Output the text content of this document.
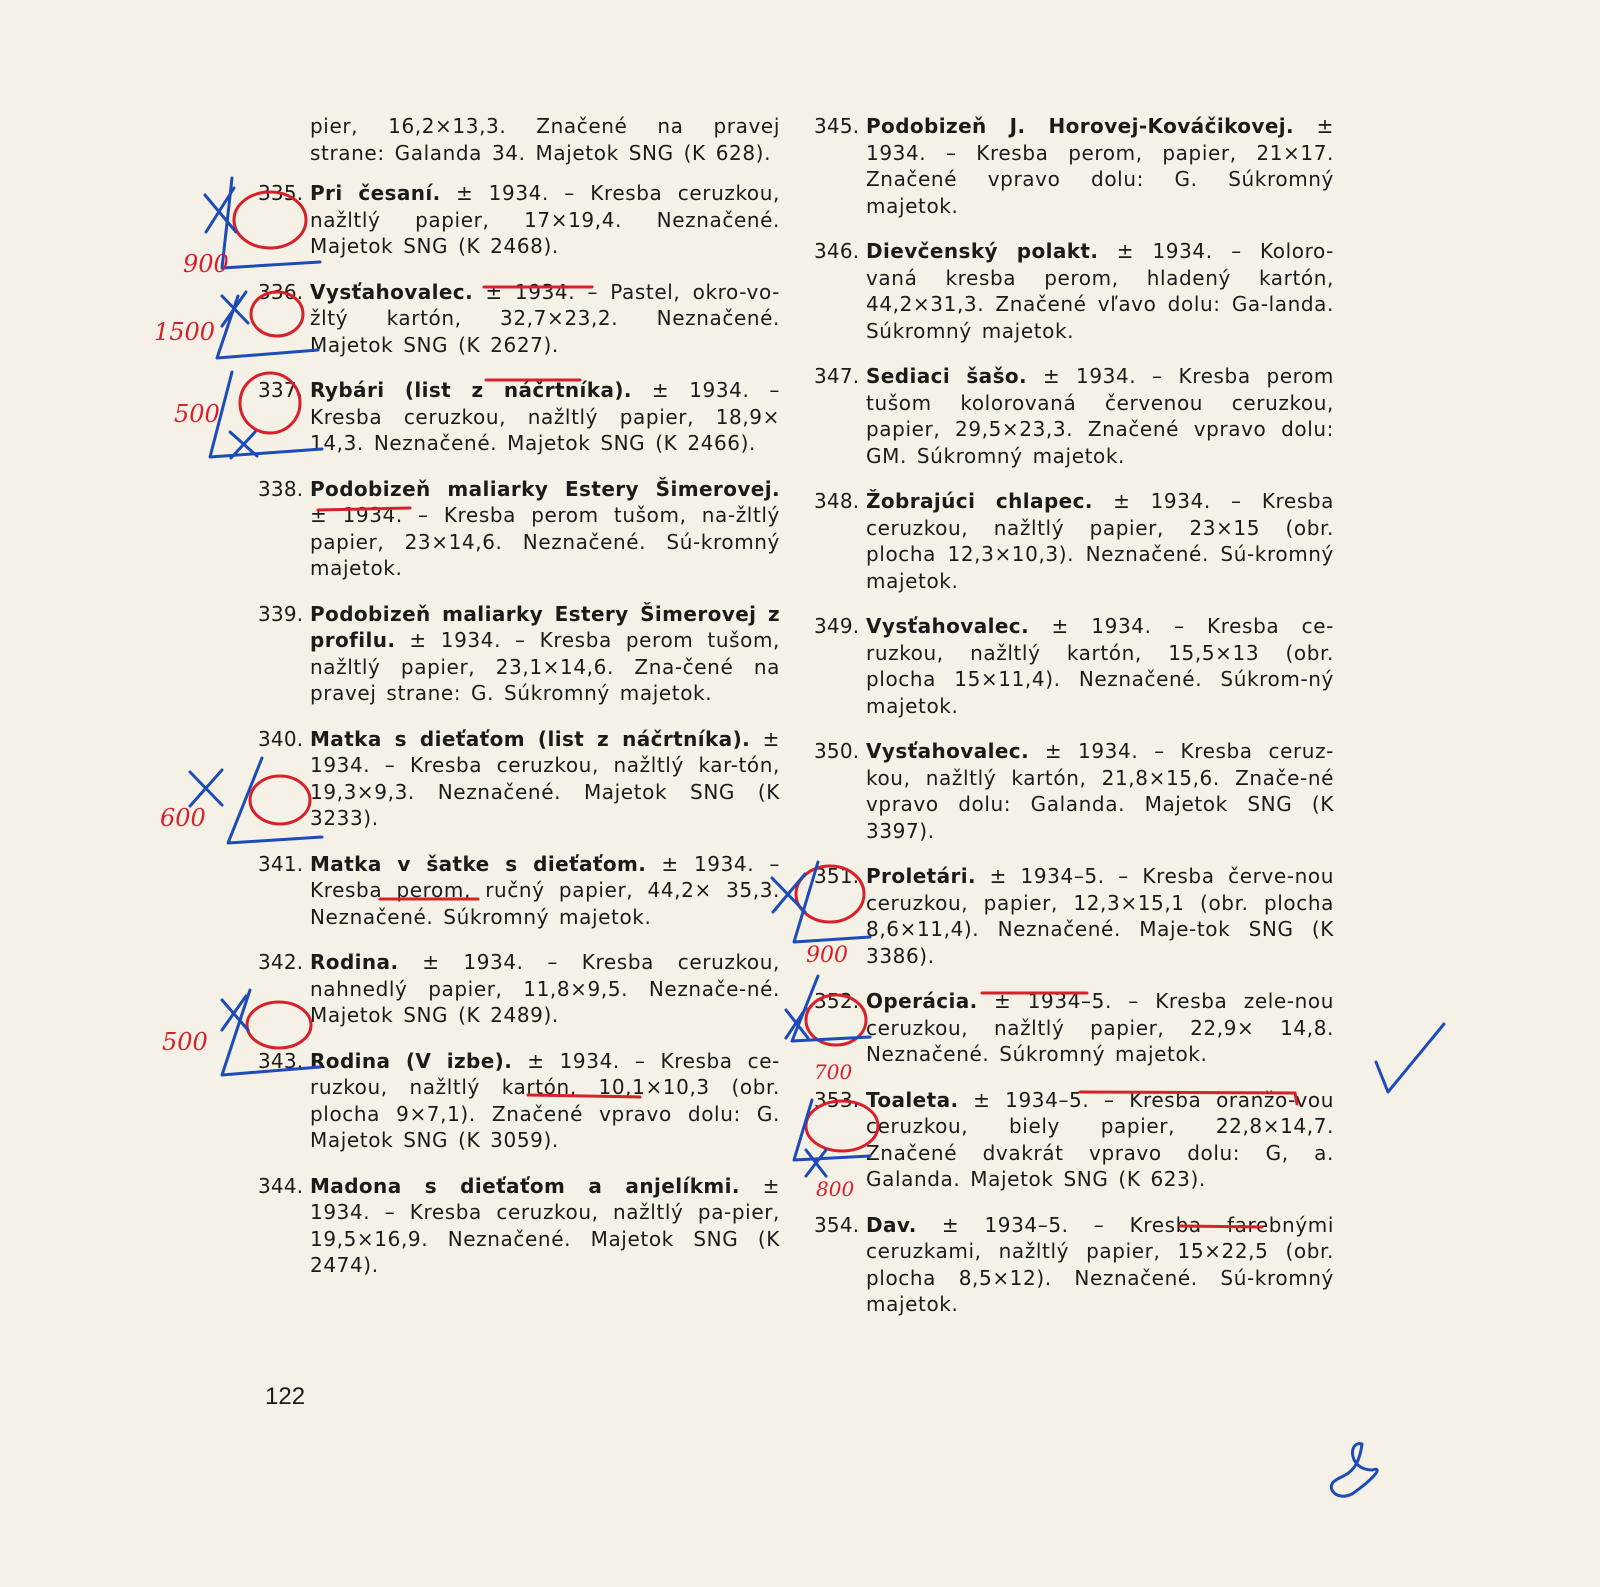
pier, 16,2×13,3. Značené na pravej strane: Galanda 34. Majetok SNG (K 628).
335. Pri česaní. ± 1934. – Kresba ceruzkou, nažltlý papier, 17×19,4. Neznačené. Majetok SNG (K 2468).
336. Vysťahovalec. ± 1934. – Pastel, okro-vo-žltý kartón, 32,7×23,2. Neznačené. Majetok SNG (K 2627).
337. Rybári (list z náčrtníka). ± 1934. – Kresba ceruzkou, nažltlý papier, 18,9× 14,3. Neznačené. Majetok SNG (K 2466).
338. Podobizeň maliarky Estery Šimerovej. ± 1934. – Kresba perom tušom, na-žltlý papier, 23×14,6. Neznačené. Sú-kromný majetok.
339. Podobizeň maliarky Estery Šimerovej z profilu. ± 1934. – Kresba perom tušom, nažltlý papier, 23,1×14,6. Zna-čené na pravej strane: G. Súkromný majetok.
340. Matka s dieťaťom (list z náčrtníka). ± 1934. – Kresba ceruzkou, nažltlý kar-tón, 19,3×9,3. Neznačené. Majetok SNG (K 3233).
341. Matka v šatke s dieťaťom. ± 1934. – Kresba perom, ručný papier, 44,2× 35,3. Neznačené. Súkromný majetok.
342. Rodina. ± 1934. – Kresba ceruzkou, nahnedlý papier, 11,8×9,5. Neznače-né. Majetok SNG (K 2489).
343. Rodina (V izbe). ± 1934. – Kresba ce-ruzkou, nažltlý kartón, 10,1×10,3 (obr. plocha 9×7,1). Značené vpravo dolu: G. Majetok SNG (K 3059).
344. Madona s dieťaťom a anjelíkmi. ± 1934. – Kresba ceruzkou, nažltlý pa-pier, 19,5×16,9. Neznačené. Majetok SNG (K 2474).
345. Podobizeň J. Horovej-Kováčikovej. ± 1934. – Kresba perom, papier, 21×17. Značené vpravo dolu: G. Súkromný majetok.
346. Dievčenský polakt. ± 1934. – Koloro-vaná kresba perom, hladený kartón, 44,2×31,3. Značené vľavo dolu: Ga-landa. Súkromný majetok.
347. Sediaci šašo. ± 1934. – Kresba perom tušom kolorovaná červenou ceruzkou, papier, 29,5×23,3. Značené vpravo dolu: GM. Súkromný majetok.
348. Žobrajúci chlapec. ± 1934. – Kresba ceruzkou, nažltlý papier, 23×15 (obr. plocha 12,3×10,3). Neznačené. Sú-kromný majetok.
349. Vysťahovalec. ± 1934. – Kresba ce-ruzkou, nažltlý kartón, 15,5×13 (obr. plocha 15×11,4). Neznačené. Súkrom-ný majetok.
350. Vysťahovalec. ± 1934. – Kresba ceruz-kou, nažltlý kartón, 21,8×15,6. Znače-né vpravo dolu: Galanda. Majetok SNG (K 3397).
351. Proletári. ± 1934–5. – Kresba červe-nou ceruzkou, papier, 12,3×15,1 (obr. plocha 8,6×11,4). Neznačené. Maje-tok SNG (K 3386).
352. Operácia. ± 1934–5. – Kresba zele-nou ceruzkou, nažltlý papier, 22,9× 14,8. Neznačené. Súkromný majetok.
353. Toaleta. ± 1934–5. – Kresba oranžo-vou ceruzkou, biely papier, 22,8×14,7. Značené dvakrát vpravo dolu: G, a. Galanda. Majetok SNG (K 623).
354. Dav. ± 1934–5. – Kresba farebnými ceruzkami, nažltlý papier, 15×22,5 (obr. plocha 8,5×12). Neznačené. Sú-kromný majetok.
122
900
1500
500
600
500
900
700
800
